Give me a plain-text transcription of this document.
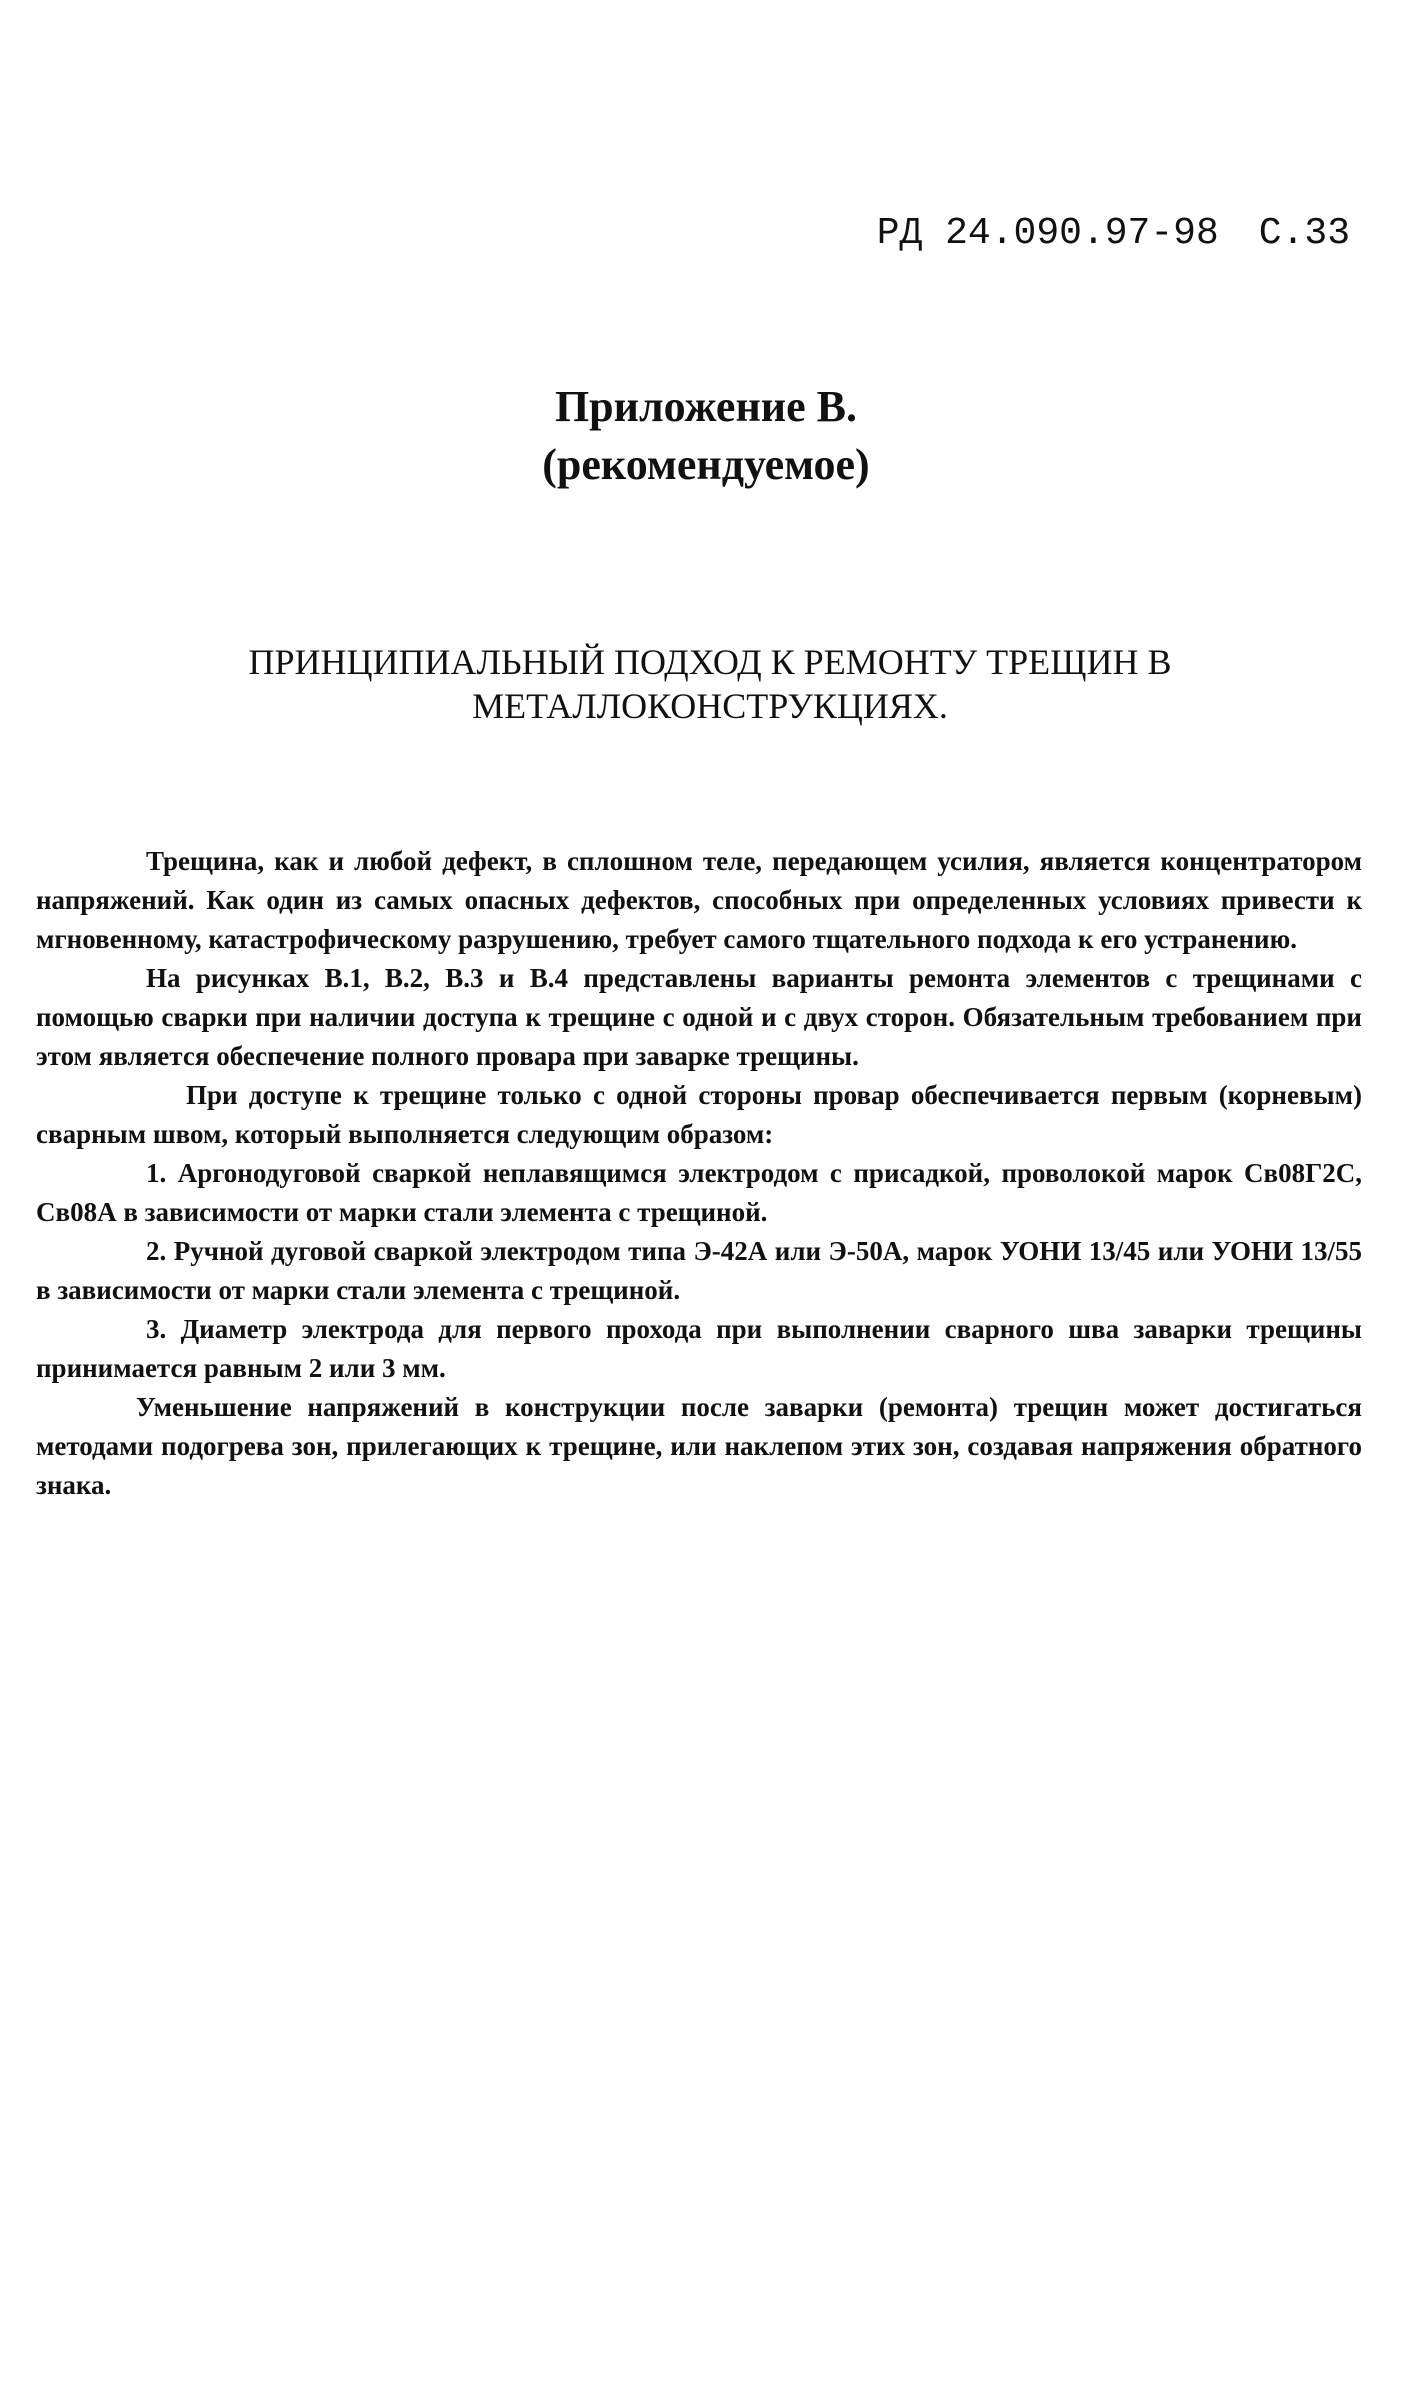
РД 24.090.97-98 С.33
Приложение В.
(рекомендуемое)
ПРИНЦИПИАЛЬНЫЙ ПОДХОД К РЕМОНТУ ТРЕЩИН В
МЕТАЛЛОКОНСТРУКЦИЯХ.

Трещина, как и любой дефект, в сплошном теле, передающем усилия, является концентратором напряжений. Как один из самых опасных дефектов, способных при определенных условиях привести к мгновенному, катастрофическому разрушению, требует самого тщательного подхода к его устранению.

На рисунках В.1, В.2, В.3 и В.4 представлены варианты ремонта элементов с трещинами с помощью сварки при наличии доступа к трещине с одной и с двух сторон. Обязательным требованием при этом является обеспечение полного провара при заварке трещины.

При доступе к трещине только с одной стороны провар обеспечивается первым (корневым) сварным швом, который выполняется следующим образом:

1. Аргонодуговой сваркой неплавящимся электродом с присадкой, проволокой марок Св08Г2С, Св08А в зависимости от марки стали элемента с трещиной.

2. Ручной дуговой сваркой электродом типа Э-42А или Э-50А, марок УОНИ 13/45 или УОНИ 13/55 в зависимости от марки стали элемента с трещиной.

3. Диаметр электрода для первого прохода при выполнении сварного шва заварки трещины принимается равным 2 или 3 мм.

Уменьшение напряжений в конструкции после заварки (ремонта) трещин может достигаться методами подогрева зон, прилегающих к трещине, или наклепом этих зон, создавая напряжения обратного знака.
